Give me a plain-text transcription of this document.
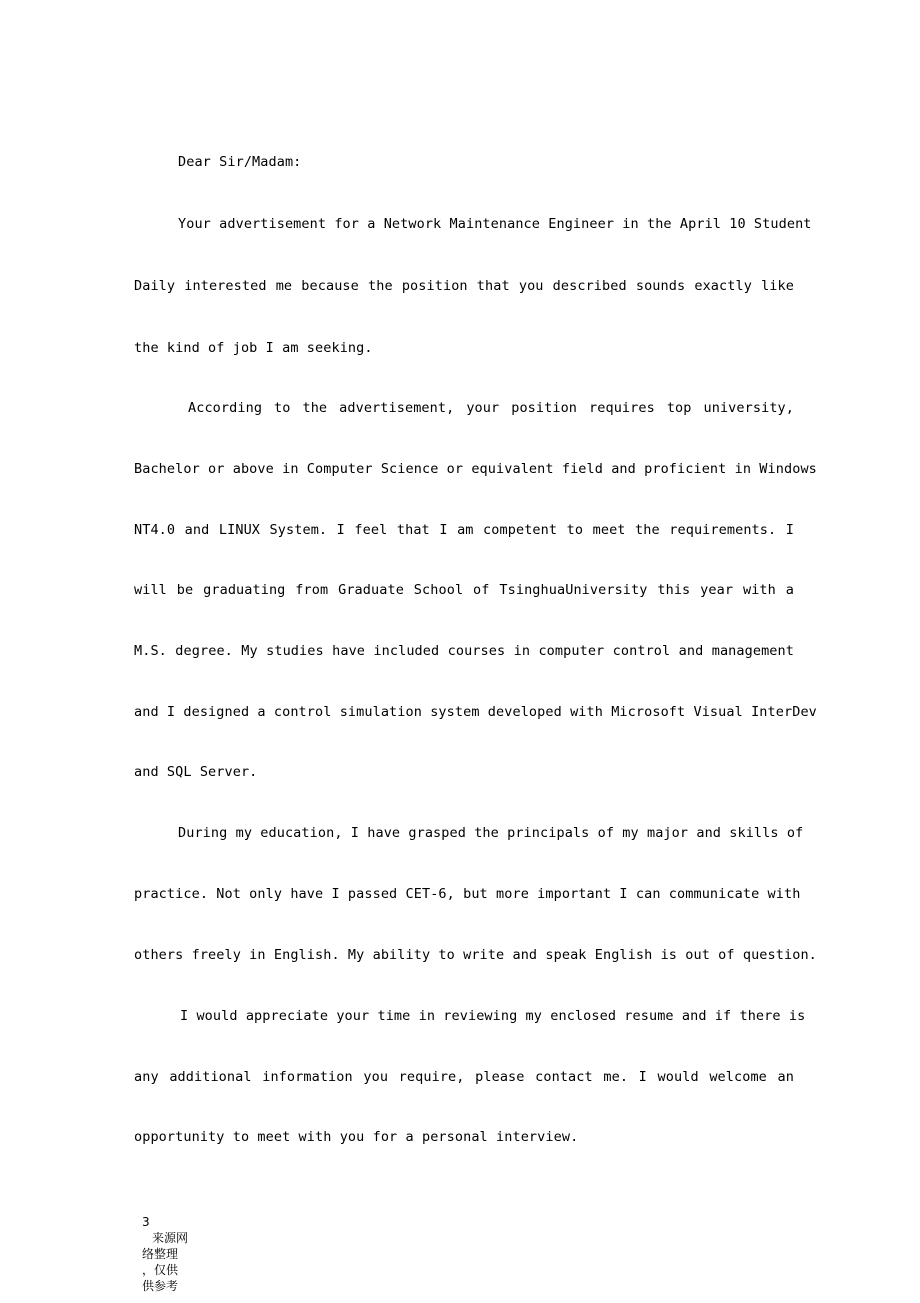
Dear Sir/Madam:
Your advertisement for a Network Maintenance Engineer in the April 10 Student
Daily interested me because the position that you described sounds exactly like
the kind of job I am seeking.
According to the advertisement, your position requires top university,
Bachelor or above in Computer Science or equivalent field and proficient in Windows
NT4.0 and LINUX System. I feel that I am competent to meet the requirements. I
will be graduating from Graduate School of TsinghuaUniversity this year with a
M.S. degree. My studies have included courses in computer control and management
and I designed a control simulation system developed with Microsoft Visual InterDev
and SQL Server.
During my education, I have grasped the principals of my major and skills of
practice. Not only have I passed CET-6, but more important I can communicate with
others freely in English. My ability to write and speak English is out of question.
I would appreciate your time in reviewing my enclosed resume and if there is
any additional information you require, please contact me. I would welcome an
opportunity to meet with you for a personal interview.
3
来源网
络整理
，仅供
供参考
